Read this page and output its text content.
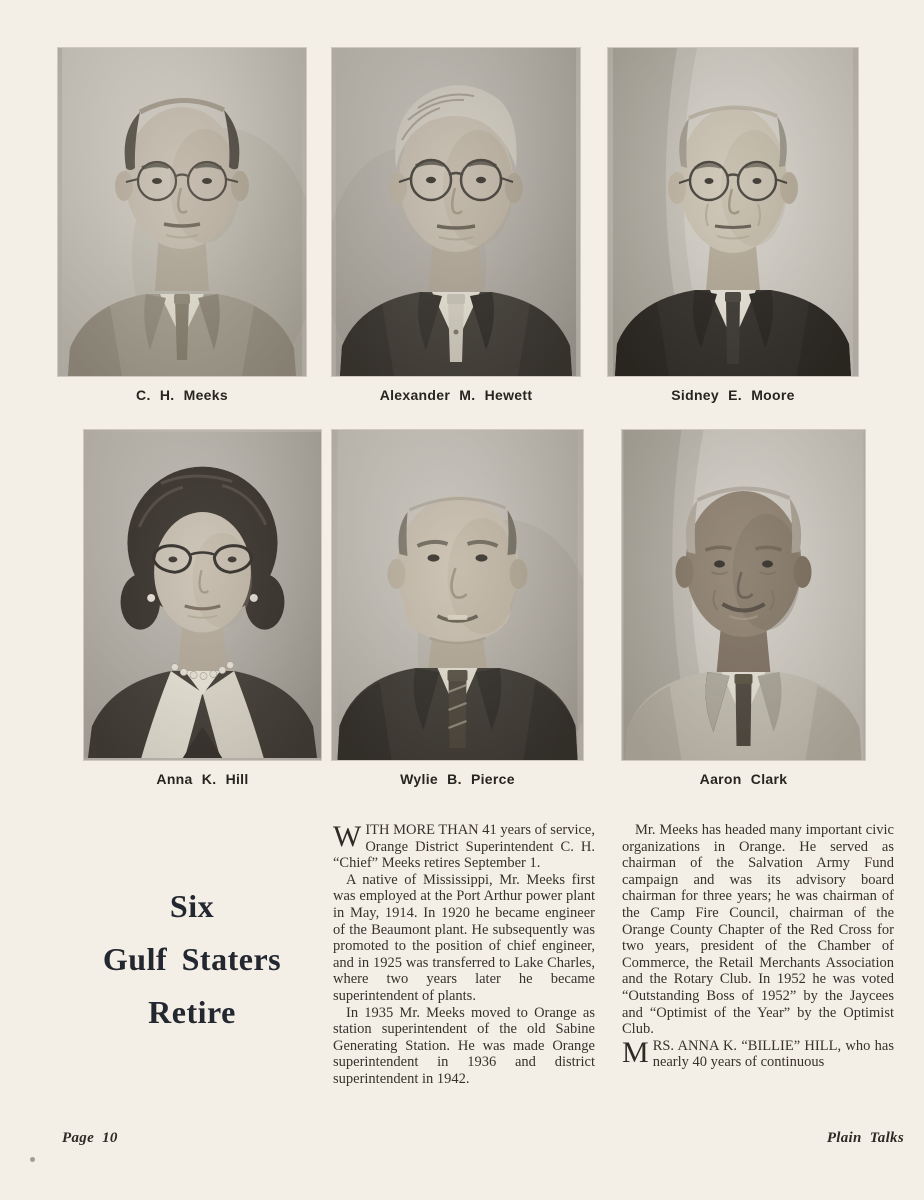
C. H. Meeks	Alexander M. Hewett	Sidney E. Moore
Anna K. Hill	Wylie B. Pierce	Aaron Clark
Six
Gulf Staters
Retire

WITH MORE THAN 41 years of service, Orange District Superintendent C. H. “Chief” Meeks retires September 1.

A native of Mississippi, Mr. Meeks first was employed at the Port Arthur power plant in May, 1914. In 1920 he became engineer of the Beaumont plant. He subsequently was promoted to the position of chief engineer, and in 1925 was transferred to Lake Charles, where two years later he became superintendent of plants.

In 1935 Mr. Meeks moved to Orange as station superintendent of the old Sabine Generating Station. He was made Orange superintendent in 1936 and district superintendent in 1942.

Mr. Meeks has headed many important civic organizations in Orange. He served as chairman of the Salvation Army Fund campaign and was its advisory board chairman for three years; he was chairman of the Camp Fire Council, chairman of the Orange County Chapter of the Red Cross for two years, president of the Chamber of Commerce, the Retail Merchants Association and the Rotary Club. In 1952 he was voted “Outstanding Boss of 1952” by the Jaycees and “Optimist of the Year” by the Optimist Club.

MRS. ANNA K. “BILLIE” HILL, who has nearly 40 years of continuous

Page 10	Plain Talks
